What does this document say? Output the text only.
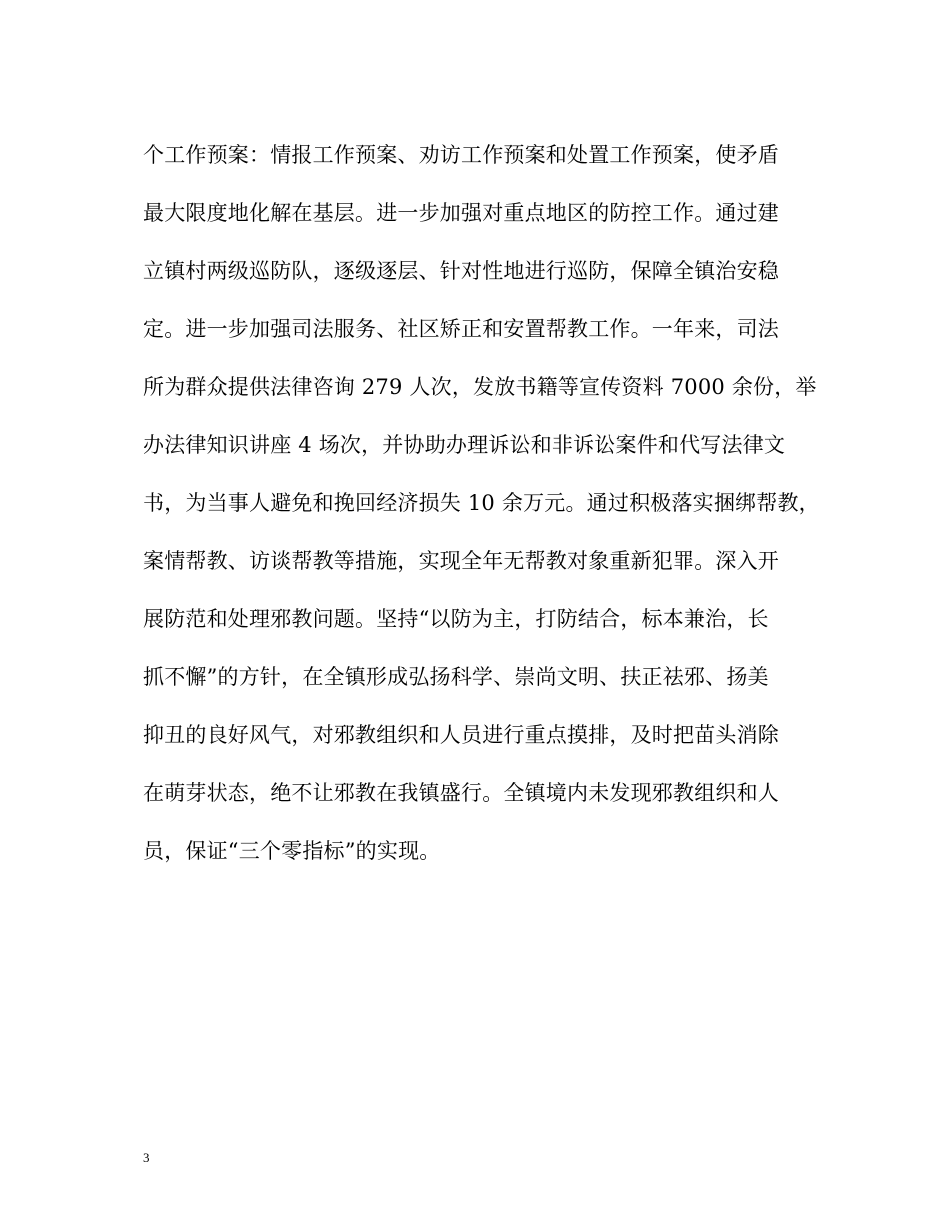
个工作预案：情报工作预案、劝访工作预案和处置工作预案，使矛盾
最大限度地化解在基层。进一步加强对重点地区的防控工作。通过建
立镇村两级巡防队，逐级逐层、针对性地进行巡防，保障全镇治安稳
定。进一步加强司法服务、社区矫正和安置帮教工作。一年来，司法
所为群众提供法律咨询 279 人次，发放书籍等宣传资料 7000 余份，举
办法律知识讲座 4 场次，并协助办理诉讼和非诉讼案件和代写法律文
书，为当事人避免和挽回经济损失 10 余万元。通过积极落实捆绑帮教，
案情帮教、访谈帮教等措施，实现全年无帮教对象重新犯罪。深入开
展防范和处理邪教问题。坚持“以防为主，打防结合，标本兼治，长
抓不懈”的方针，在全镇形成弘扬科学、崇尚文明、扶正祛邪、扬美
抑丑的良好风气，对邪教组织和人员进行重点摸排，及时把苗头消除
在萌芽状态，绝不让邪教在我镇盛行。全镇境内未发现邪教组织和人
员，保证“三个零指标”的实现。
3
